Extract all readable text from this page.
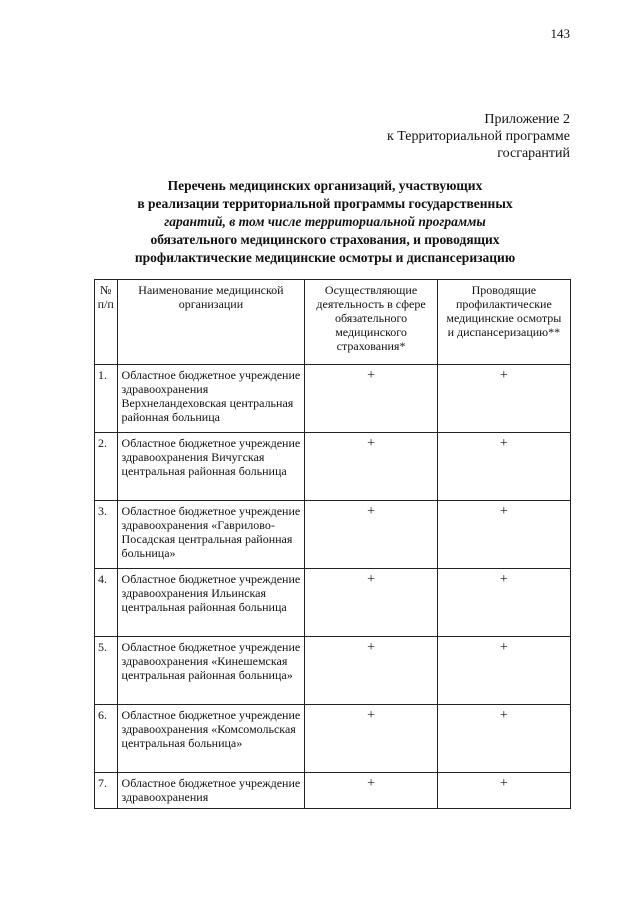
143
Приложение 2
к Территориальной программе
госгарантий
Перечень медицинских организаций, участвующих
в реализации территориальной программы государственных
гарантий, в том числе территориальной программы
обязательного медицинского страхования, и проводящих
профилактические медицинские осмотры и диспансеризацию
№ п/п	Наименование медицинской организации	Осуществляющие деятельность в сфере обязательного медицинского страхования*	Проводящие профилактические медицинские осмотры и диспансеризацию**
1.	Областное бюджетное учреждение здравоохранения Верхнеландеховская центральная районная больница	+	+
2.	Областное бюджетное учреждение здравоохранения Вичугская центральная районная больница	+	+
3.	Областное бюджетное учреждение здравоохранения «Гаврилово-Посадская центральная районная больница»	+	+
4.	Областное бюджетное учреждение здравоохранения Ильинская центральная районная больница	+	+
5.	Областное бюджетное учреждение здравоохранения «Кинешемская центральная районная больница»	+	+
6.	Областное бюджетное учреждение здравоохранения «Комсомольская центральная больница»	+	+
7.	Областное бюджетное учреждение здравоохранения	+	+
